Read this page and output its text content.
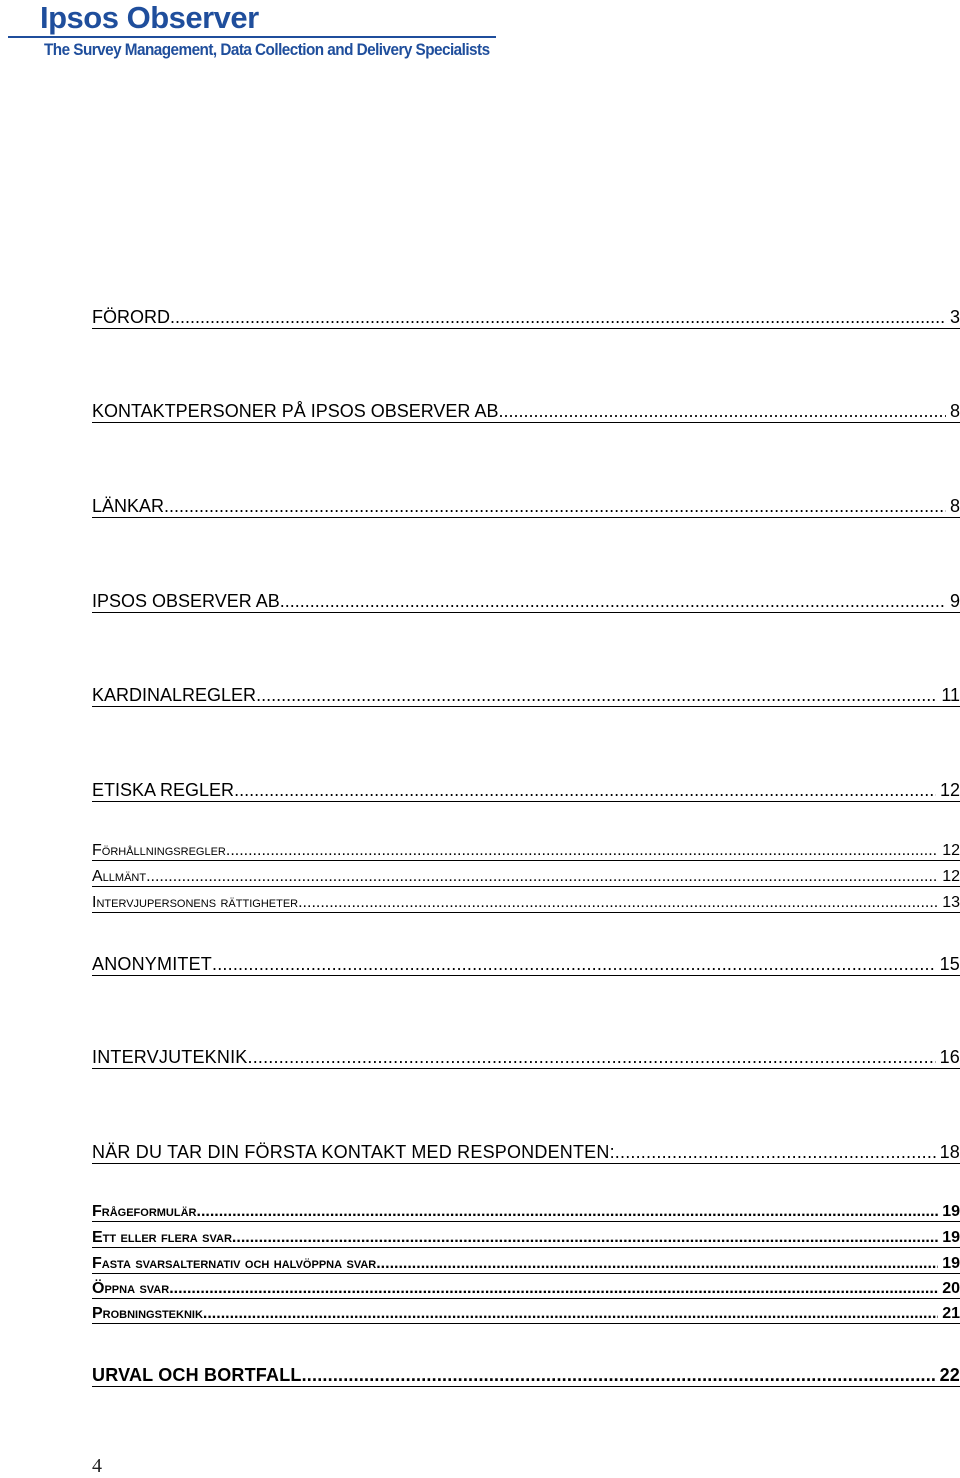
Ipsos Observer
The Survey Management, Data Collection and Delivery Specialists
FÖRORD .....	3
KONTAKTPERSONER PÅ IPSOS OBSERVER AB .....	8
LÄNKAR .....	8
IPSOS OBSERVER AB .....	9
KARDINALREGLER .....	11
ETISKA REGLER .....	12
Förhållningsregler .....	12
Allmänt .....	12
Intervjupersonens rättigheter .....	13
ANONYMITET .....	15
INTERVJUTEKNIK .....	16
NÄR DU TAR DIN FÖRSTA KONTAKT MED RESPONDENTEN: .....	18
Frågeformulär .....	19
Ett eller flera svar .....	19
Fasta svarsalternativ och halvöppna svar .....	19
Öppna svar .....	20
Probningsteknik .....	21
URVAL OCH BORTFALL .....	22
4
